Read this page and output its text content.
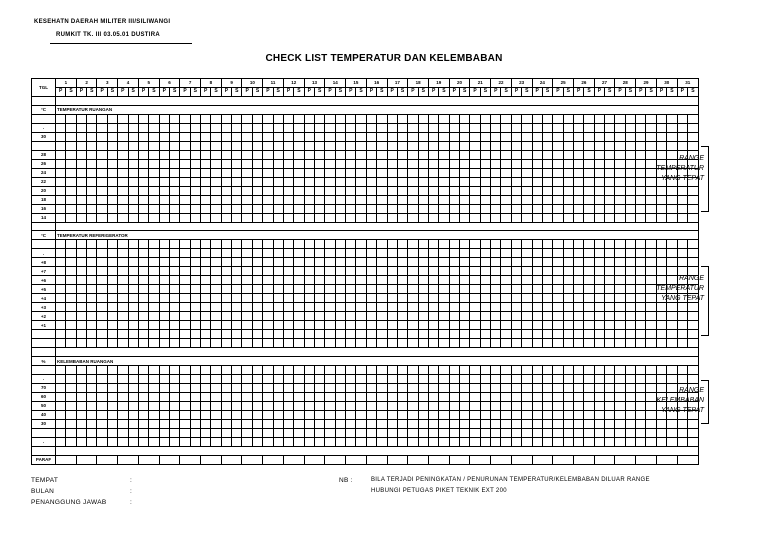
KESEHATN DAERAH MILITER III/SILIWANGI
RUMKIT TK. III 03.05.01 DUSTIRA
CHECK LIST TEMPERATUR DAN KELEMBABAN
TGL	1		2		3		4		5		6		7		8		9		10		11		12		13		14		15		16		17		18		19		20		21		22		23		24		25		26		27		28		29		30		31	
	P	S	P	S	P	S	P	S	P	S	P	S	P	S	P	S	P	S	P	S	P	S	P	S	P	S	P	S	P	S	P	S	P	S	P	S	P	S	P	S	P	S	P	S	P	S	P	S	P	S	P	S	P	S	P	S	P	S	P	S	P	S

°C	TEMPERATUR RUANGAN																																																													

.																																																														
30																																																														

28																																																														
26																																																														
24																																																														
22																																																														
20																																																														
18																																																														
16																																																														
14																																																														

°C	TEMPERATUR REFERIGERATOR																																																													

.																																																														
+8																																																														
+7																																																														
+6																																																														
+5																																																														
+4																																																														
+3																																																														
+2																																																														
+1																																																														

%	KELEMBABAN RUANGAN																																																													

.																																																														
70																																																														
60																																																														
50																																																														
40																																																														
30																																																														

.																																																														

PARAF																																																														
RANGE
TEMPERATUR
YANG TEPAT
RANGE
TEMPERATUR
YANG TEPAT
RANGE
KELEMBABAN
YANG TEPAT
TEMPAT	:
BULAN	:
PENANGGUNG JAWAB	:
NB :	BILA TERJADI PENINGKATAN / PENURUNAN TEMPERATUR/KELEMBABAN DILUAR RANGE
HUBUNGI PETUGAS PIKET TEKNIK EXT 200
